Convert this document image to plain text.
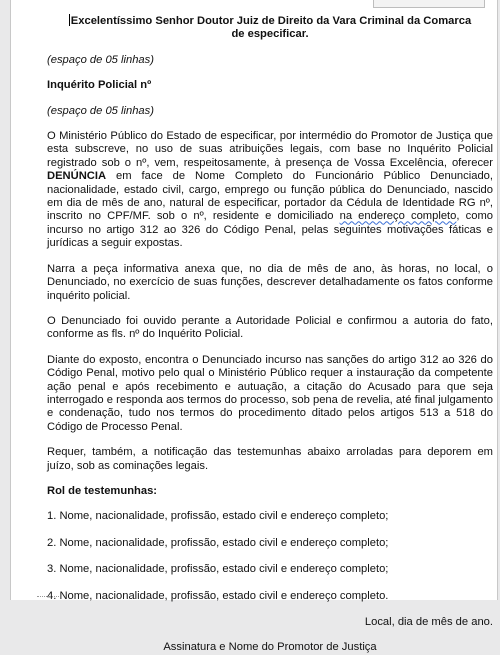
Excelentíssimo Senhor Doutor Juiz de Direito da Vara Criminal da Comarca
de especificar.

(espaço de 05 linhas)

Inquérito Policial nº

(espaço de 05 linhas)

O Ministério Público do Estado de especificar, por intermédio do Promotor de Justiça que esta subscreve, no uso de suas atribuições legais, com base no Inquérito Policial registrado sob o nº, vem, respeitosamente, à presença de Vossa Excelência, oferecer DENÚNCIA em face de Nome Completo do Funcionário Público Denunciado, nacionalidade, estado civil, cargo, emprego ou função pública do Denunciado, nascido em dia de mês de ano, natural de especificar, portador da Cédula de Identidade RG nº, inscrito no CPF/MF. sob o nº, residente e domiciliado na endereço completo, como incurso no artigo 312 ao 326 do Código Penal, pelas seguintes motivações fáticas e jurídicas a seguir expostas.

Narra a peça informativa anexa que, no dia de mês de ano, às horas, no local, o Denunciado, no exercício de suas funções, descrever detalhadamente os fatos conforme inquérito policial.

O Denunciado foi ouvido perante a Autoridade Policial e confirmou a autoria do fato, conforme as fls. nº do Inquérito Policial.

Diante do exposto, encontra o Denunciado incurso nas sanções do artigo 312 ao 326 do Código Penal, motivo pelo qual o Ministério Público requer a instauração da competente ação penal e após recebimento e autuação, a citação do Acusado para que seja interrogado e responda aos termos do processo, sob pena de revelia, até final julgamento e condenação, tudo nos termos do procedimento ditado pelos artigos 513 a 518 do Código de Processo Penal.

Requer, também, a notificação das testemunhas abaixo arroladas para deporem em juízo, sob as cominações legais.

Rol de testemunhas:

1. Nome, nacionalidade, profissão, estado civil e endereço completo;

2. Nome, nacionalidade, profissão, estado civil e endereço completo;

3. Nome, nacionalidade, profissão, estado civil e endereço completo;

4. Nome, nacionalidade, profissão, estado civil e endereço completo.

Local, dia de mês de ano.

Assinatura e Nome do Promotor de Justiça
